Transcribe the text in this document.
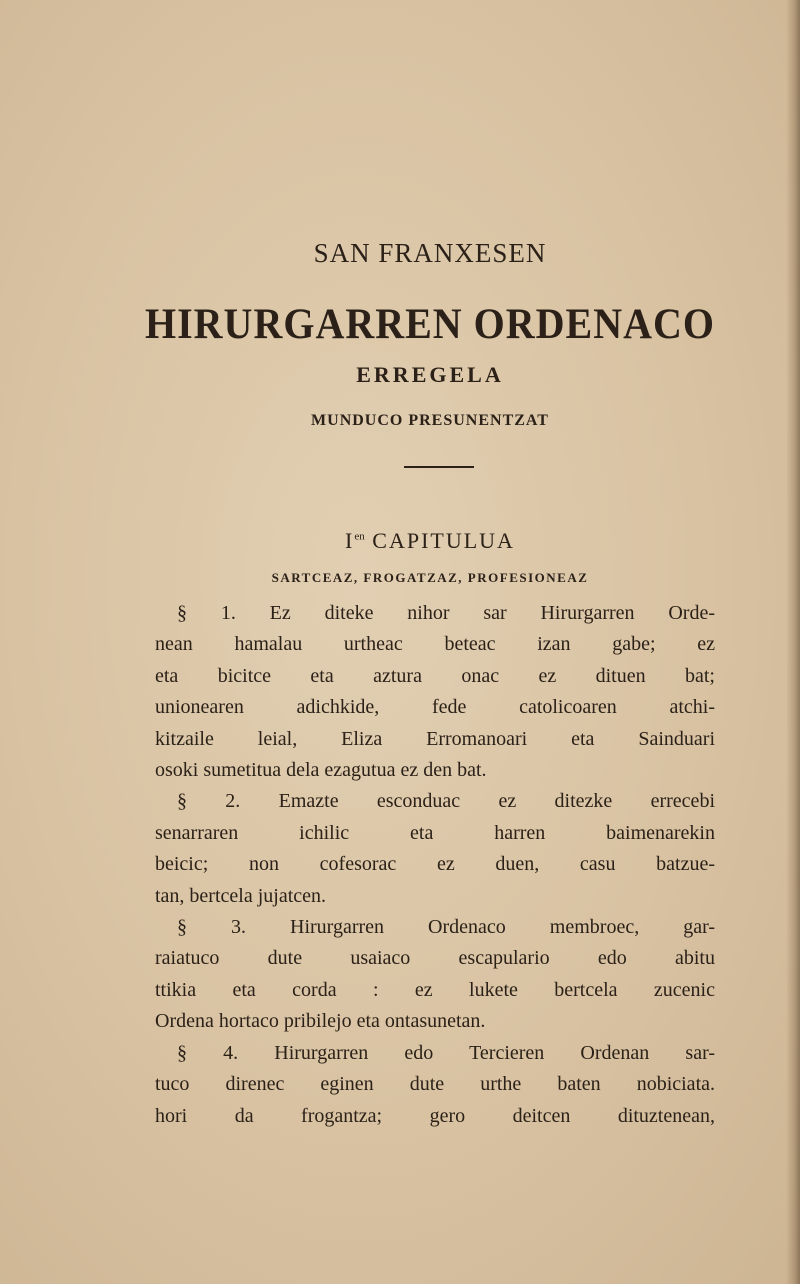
SAN FRANXESEN
HIRURGARREN ORDENACO
ERREGELA
MUNDUCO PRESUNENTZAT
$I^{en}$ CAPITULUA
SARTCEAZ, FROGATZAZ, PROFESIONEAZ
§ 1. Ez diteke nihor sar Hirurgarren Orde-
nean hamalau urtheac beteac izan gabe; ez
eta bicitce eta aztura onac ez dituen bat;
unionearen adichkide, fede catolicoaren atchi-
kitzaile leial, Eliza Erromanoari eta Sainduari
osoki sumetitua dela ezagutua ez den bat.
§ 2. Emazte esconduac ez ditezke errecebi
senarraren ichilic eta harren baimenarekin
beicic; non cofesorac ez duen, casu batzue-
tan, bertcela jujatcen.
§ 3. Hirurgarren Ordenaco membroec, gar-
raiatuco dute usaiaco escapulario edo abitu
ttikia eta corda : ez lukete bertcela zucenic
Ordena hortaco pribilejo eta ontasunetan.
§ 4. Hirurgarren edo Tercieren Ordenan sar-
tuco direnec eginen dute urthe baten nobiciata.
hori da frogantza; gero deitcen dituztenean,
